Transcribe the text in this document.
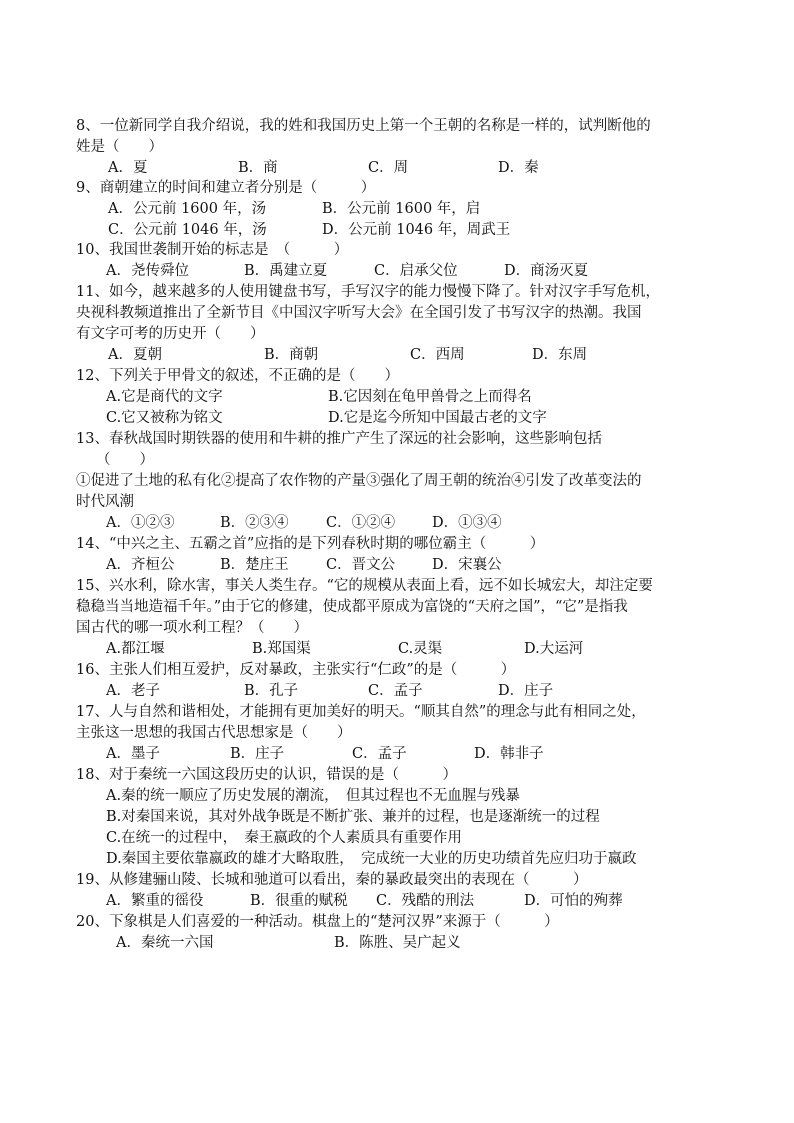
8、一位新同学自我介绍说，我的姓和我国历史上第一个王朝的名称是一样的，试判断他的
姓是（　　）
A．夏	B．商	C．周	D．秦
9、商朝建立的时间和建立者分别是（　　　）
A．公元前 1600 年，汤	B．公元前 1600 年，启
C．公元前 1046 年，汤	D．公元前 1046 年，周武王
10、我国世袭制开始的标志是　（　　　）
A．尧传舜位	B．禹建立夏	C．启承父位	D．商汤灭夏
11、如今，越来越多的人使用键盘书写，手写汉字的能力慢慢下降了。针对汉字手写危机，
央视科教频道推出了全新节目《中国汉字听写大会》在全国引发了书写汉字的热潮。我国
有文字可考的历史开（　　）
A．夏朝	B．商朝	C．西周	D．东周
12、下列关于甲骨文的叙述，不正确的是（　　）
A.它是商代的文字	B.它因刻在龟甲兽骨之上而得名
C.它又被称为铭文	D.它是迄今所知中国最古老的文字
13、春秋战国时期铁器的使用和牛耕的推广产生了深远的社会影响，这些影响包括
（　　）
①促进了土地的私有化②提高了农作物的产量③强化了周王朝的统治④引发了改革变法的
时代风潮
A．①②③	B．②③④	C．①②④	D．①③④
14、“中兴之主、五霸之首”应指的是下列春秋时期的哪位霸主（　　　）
A．齐桓公	B．楚庄王	C．晋文公	D．宋襄公
15、兴水利，除水害，事关人类生存。“它的规模从表面上看，远不如长城宏大，却注定要
稳稳当当地造福千年。”由于它的修建，使成都平原成为富饶的“天府之国”，“它”是指我
国古代的哪一项水利工程？（　　）
A.都江堰	B.郑国渠	C.灵渠	D.大运河
16、主张人们相互爱护，反对暴政，主张实行“仁政”的是（　　　）
A．老子	B．孔子	C．孟子	D．庄子
17、人与自然和谐相处，才能拥有更加美好的明天。“顺其自然”的理念与此有相同之处，
主张这一思想的我国古代思想家是（　　）
A．墨子	B．庄子	C．孟子	D．韩非子
18、对于秦统一六国这段历史的认识，错误的是（　　　）
A.秦的统一顺应了历史发展的潮流，　但其过程也不无血腥与残暴
B.对秦国来说，其对外战争既是不断扩张、兼并的过程，也是逐渐统一的过程
C.在统一的过程中，　秦王嬴政的个人素质具有重要作用
D.秦国主要依靠嬴政的雄才大略取胜，　完成统一大业的历史功绩首先应归功于嬴政
19、从修建骊山陵、长城和驰道可以看出，秦的暴政最突出的表现在（　　　）
A．繁重的徭役	B．很重的赋税 C．残酷的刑法	D．可怕的殉葬
20、下象棋是人们喜爱的一种活动。棋盘上的“楚河汉界”来源于（　　　）
A．秦统一六国	B．陈胜、吴广起义
